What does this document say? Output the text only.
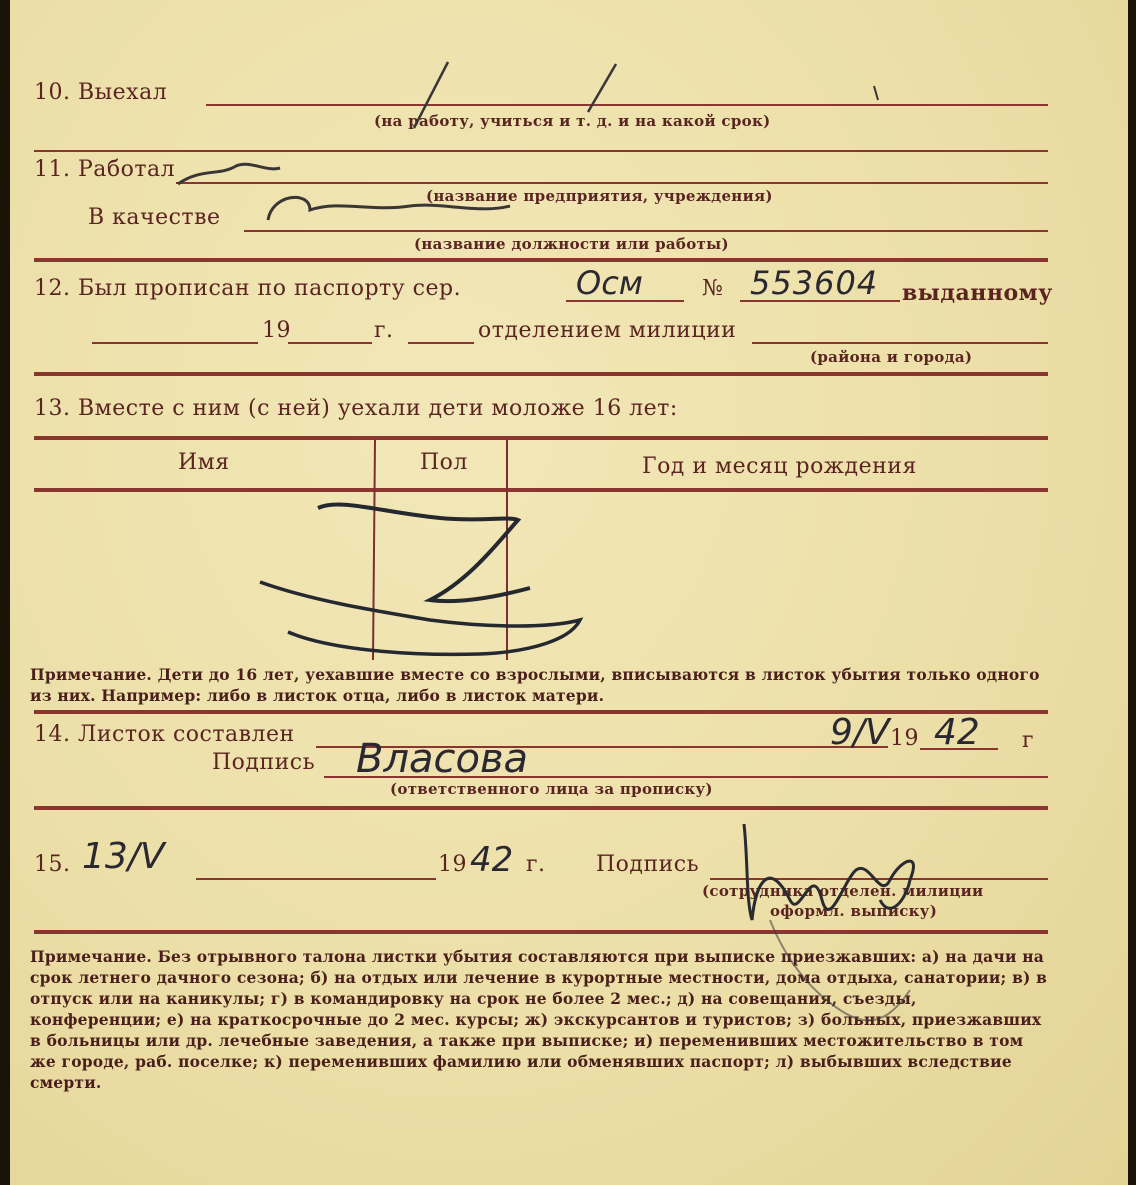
10. Выехал
(на работу, учиться и т. д. и на какой срок)
11. Работал
(название предприятия, учреждения)
В качестве
(название должности или работы)
12. Был прописан по паспорту сер.	Осм	№ 553604 выданному
19	г.	отделением милиции
(района и города)
13. Вместе с ним (с ней) уехали дети моложе 16 лет:
Имя	Пол	Год и месяц рождения
Примечание. Дети до 16 лет, уехавшие вместе со взрослыми, вписываются в листок убытия только одного из них. Например: либо в листок отца, либо в листок матери.
14. Листок составлен	9/V 19 42 г
Подпись Власова
(ответственного лица за прописку)
15. 13/V	19 42 г. Подпись
(сотрудника отделен. милиции
оформл. выписку)
Примечание. Без отрывного талона листки убытия составляются при выписке приезжавших: а) на дачи на срок летнего дачного сезона; б) на отдых или лечение в курортные местности, дома отдыха, санатории; в) в отпуск или на каникулы; г) в командировку на срок не более 2 мес.; д) на совещания, съезды, конференции; е) на краткосрочные до 2 мес. курсы; ж) экскурсантов и туристов; з) больных, приезжавших в больницы или др. лечебные заведения, а также при выписке; и) переменивших местожительство в том же городе, раб. поселке; к) переменивших фамилию или обменявших паспорт; л) выбывших вследствие смерти.
